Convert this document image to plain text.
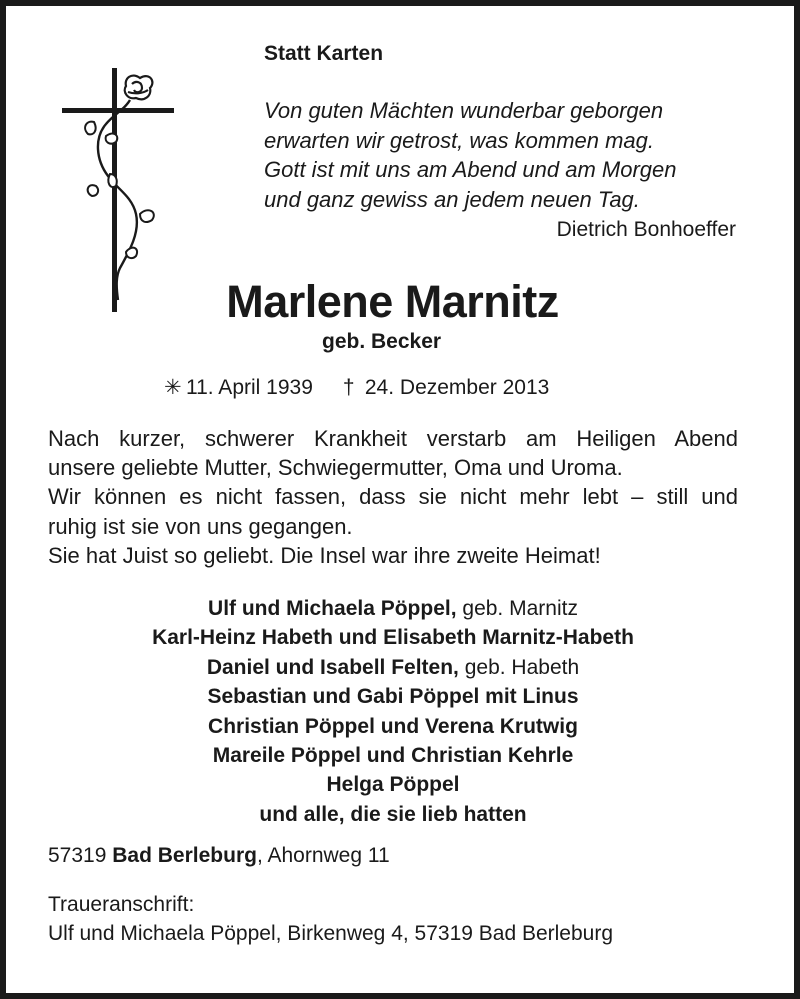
Statt Karten
Von guten Mächten wunderbar geborgen
erwarten wir getrost, was kommen mag.
Gott ist mit uns am Abend und am Morgen
und ganz gewiss an jedem neuen Tag.
Dietrich Bonhoeffer
Marlene Marnitz
geb. Becker
✳ 11. April 1939 † 24. Dezember 2013
Nach kurzer, schwerer Krankheit verstarb am Heiligen Abend
unsere geliebte Mutter, Schwiegermutter, Oma und Uroma.
Wir können es nicht fassen, dass sie nicht mehr lebt – still und
ruhig ist sie von uns gegangen.
Sie hat Juist so geliebt. Die Insel war ihre zweite Heimat!
Ulf und Michaela Pöppel, geb. Marnitz
Karl-Heinz Habeth und Elisabeth Marnitz-Habeth
Daniel und Isabell Felten, geb. Habeth
Sebastian und Gabi Pöppel mit Linus
Christian Pöppel und Verena Krutwig
Mareile Pöppel und Christian Kehrle
Helga Pöppel
und alle, die sie lieb hatten
57319 Bad Berleburg, Ahornweg 11
Traueranschrift:
Ulf und Michaela Pöppel, Birkenweg 4, 57319 Bad Berleburg
